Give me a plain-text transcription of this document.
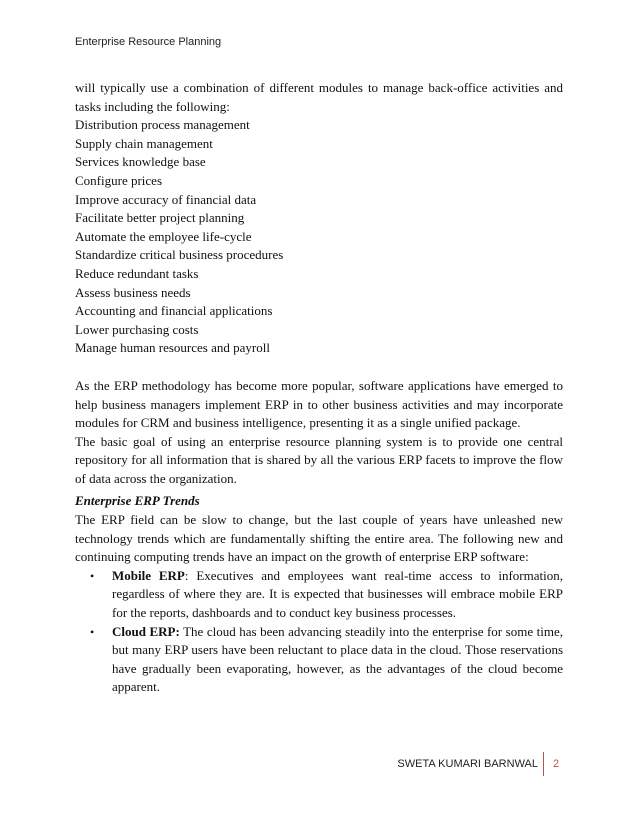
Enterprise Resource Planning

will typically use a combination of different modules to manage back-office activities and tasks including the following:

Distribution process management
Supply chain management
Services knowledge base
Configure prices
Improve accuracy of financial data
Facilitate better project planning
Automate the employee life-cycle
Standardize critical business procedures
Reduce redundant tasks
Assess business needs
Accounting and financial applications
Lower purchasing costs
Manage human resources and payroll

As the ERP methodology has become more popular, software applications have emerged to help business managers implement ERP in to other business activities and may incorporate modules for CRM and business intelligence, presenting it as a single unified package.

The basic goal of using an enterprise resource planning system is to provide one central repository for all information that is shared by all the various ERP facets to improve the flow of data across the organization.

Enterprise ERP Trends

The ERP field can be slow to change, but the last couple of years have unleashed new technology trends which are fundamentally shifting the entire area. The following new and continuing computing trends have an impact on the growth of enterprise ERP software:

• Mobile ERP: Executives and employees want real-time access to information, regardless of where they are. It is expected that businesses will embrace mobile ERP for the reports, dashboards and to conduct key business processes.
• Cloud ERP: The cloud has been advancing steadily into the enterprise for some time, but many ERP users have been reluctant to place data in the cloud. Those reservations have gradually been evaporating, however, as the advantages of the cloud become apparent.
SWETA KUMARI BARNWAL 2
